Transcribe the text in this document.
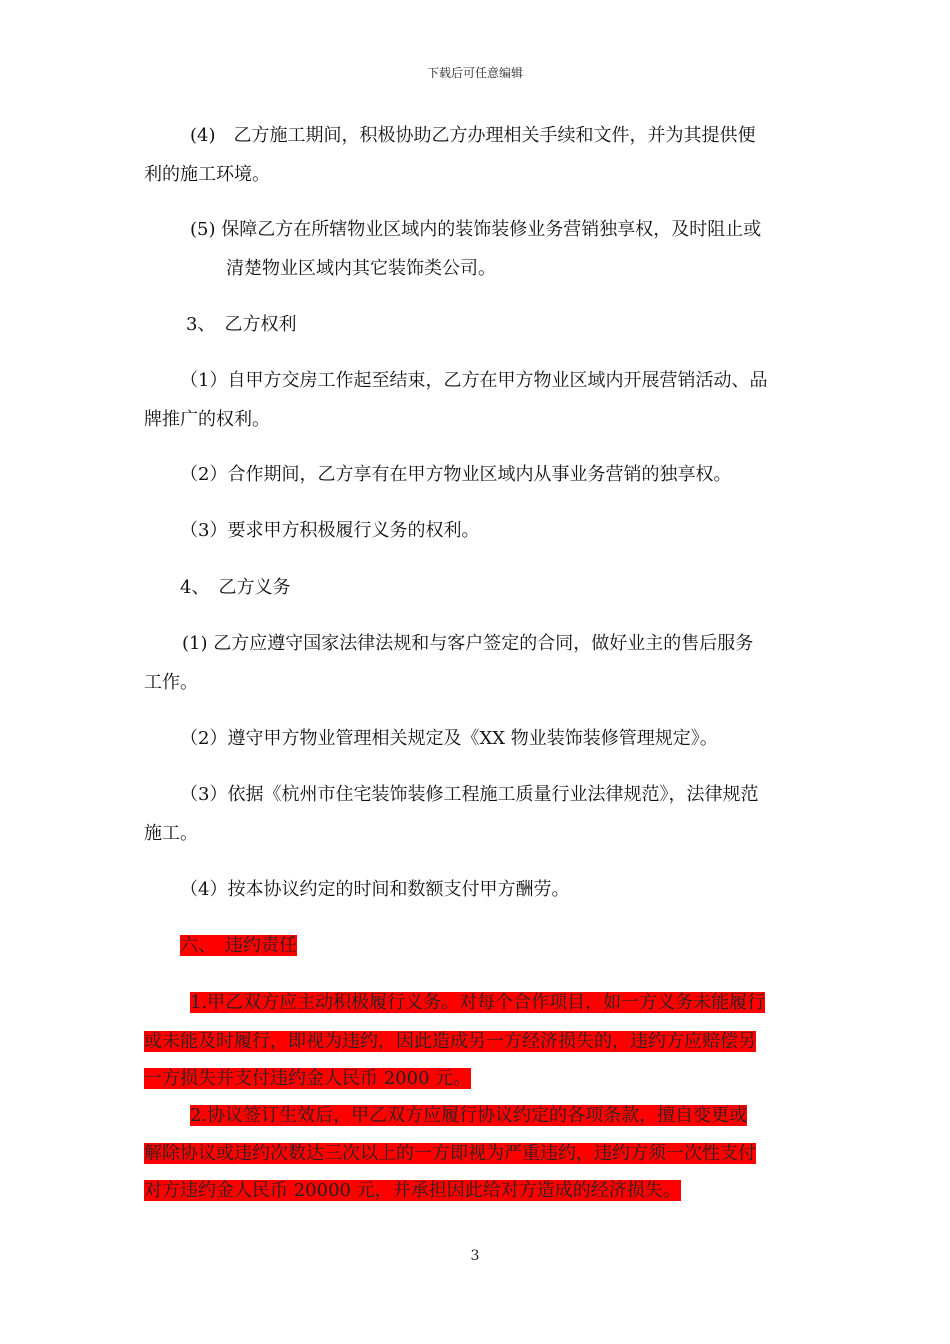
下载后可任意编辑
(4)　乙方施工期间，积极协助乙方办理相关手续和文件，并为其提供便
利的施工环境。
(5) 保障乙方在所辖物业区域内的装饰装修业务营销独享权，及时阻止或
清楚物业区域内其它装饰类公司。
3、　乙方权利
（1）自甲方交房工作起至结束，乙方在甲方物业区域内开展营销活动、品
牌推广的权利。
（2）合作期间，乙方享有在甲方物业区域内从事业务营销的独享权。
（3）要求甲方积极履行义务的权利。
4、　乙方义务
(1) 乙方应遵守国家法律法规和与客户签定的合同，做好业主的售后服务
工作。
（2）遵守甲方物业管理相关规定及《XX 物业装饰装修管理规定》。
（3）依据《杭州市住宅装饰装修工程施工质量行业法律规范》，法律规范
施工。
（4）按本协议约定的时间和数额支付甲方酬劳。
六、　违约责任
1.甲乙双方应主动积极履行义务。对每个合作项目，如一方义务未能履行
或未能及时履行，即视为违约，因此造成另一方经济损失的，违约方应赔偿另
一方损失并支付违约金人民币 2000 元。
2.协议签订生效后，甲乙双方应履行协议约定的各项条款，擅自变更或
解除协议或违约次数达三次以上的一方即视为严重违约，违约方须一次性支付
对方违约金人民币 20000 元，并承担因此给对方造成的经济损失。
3
